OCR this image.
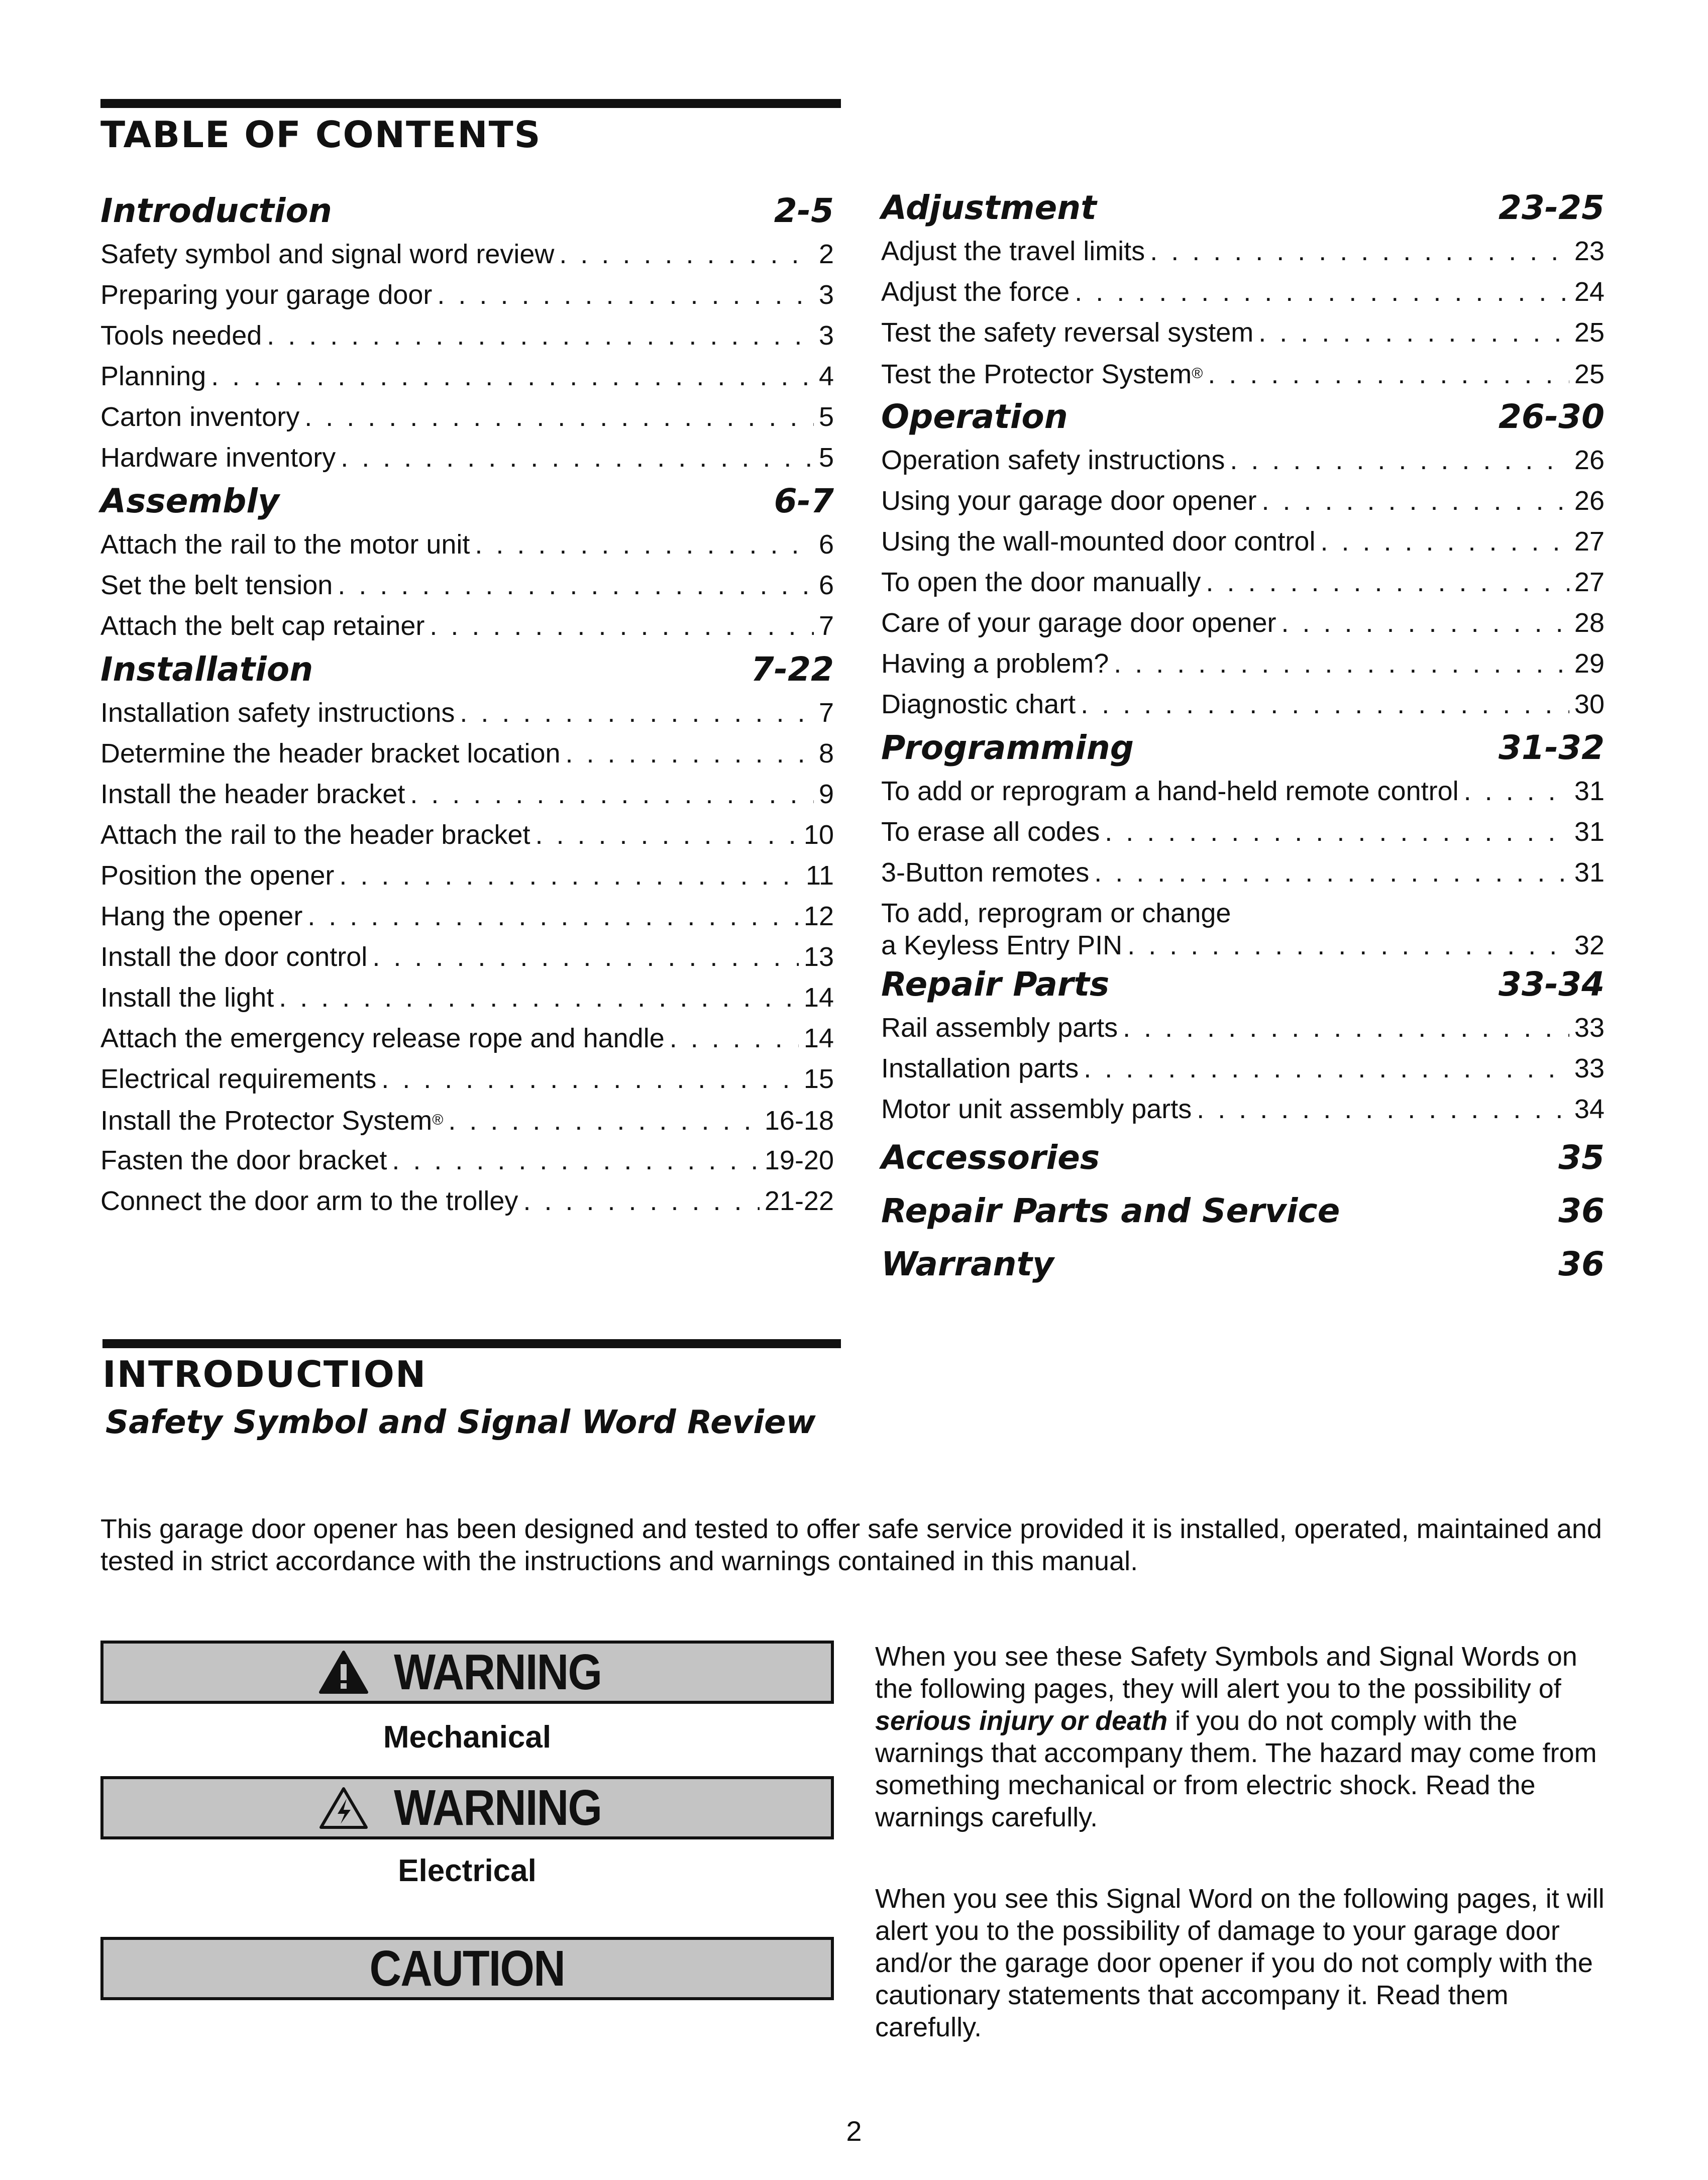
TABLE OF CONTENTS
Introduction	2-5
Safety symbol and signal word review . . .	2
Preparing your garage door . . .	3
Tools needed . . .	3
Planning . . .	4
Carton inventory . . .	5
Hardware inventory . . .	5
Assembly	6-7
Attach the rail to the motor unit . . .	6
Set the belt tension . . .	6
Attach the belt cap retainer . . .	7
Installation	7-22
Installation safety instructions . . .	7
Determine the header bracket location . . .	8
Install the header bracket . . .	9
Attach the rail to the header bracket . . .	10
Position the opener . . .	11
Hang the opener . . .	12
Install the door control . . .	13
Install the light . . .	14
Attach the emergency release rope and handle . . .	14
Electrical requirements . . .	15
Install the Protector System® . . .	16-18
Fasten the door bracket . . .	19-20
Connect the door arm to the trolley . . .	21-22
Adjustment	23-25
Adjust the travel limits . . .	23
Adjust the force . . .	24
Test the safety reversal system . . .	25
Test the Protector System® . . .	25
Operation	26-30
Operation safety instructions . . .	26
Using your garage door opener . . .	26
Using the wall-mounted door control . . .	27
To open the door manually . . .	27
Care of your garage door opener . . .	28
Having a problem? . . .	29
Diagnostic chart . . .	30
Programming	31-32
To add or reprogram a hand-held remote control . . .	31
To erase all codes . . .	31
3-Button remotes . . .	31
To add, reprogram or change
a Keyless Entry PIN . . .	32
Repair Parts	33-34
Rail assembly parts . . .	33
Installation parts . . .	33
Motor unit assembly parts . . .	34
Accessories	35
Repair Parts and Service	36
Warranty	36
INTRODUCTION
Safety Symbol and Signal Word Review

This garage door opener has been designed and tested to offer safe service provided it is installed, operated, maintained and tested in strict accordance with the instructions and warnings contained in this manual.

WARNING

Mechanical

WARNING

Electrical

CAUTION

When you see these Safety Symbols and Signal Words on the following pages, they will alert you to the possibility of serious injury or death if you do not comply with the warnings that accompany them. The hazard may come from something mechanical or from electric shock. Read the warnings carefully.

When you see this Signal Word on the following pages, it will alert you to the possibility of damage to your garage door and/or the garage door opener if you do not comply with the cautionary statements that accompany it. Read them carefully.

2
